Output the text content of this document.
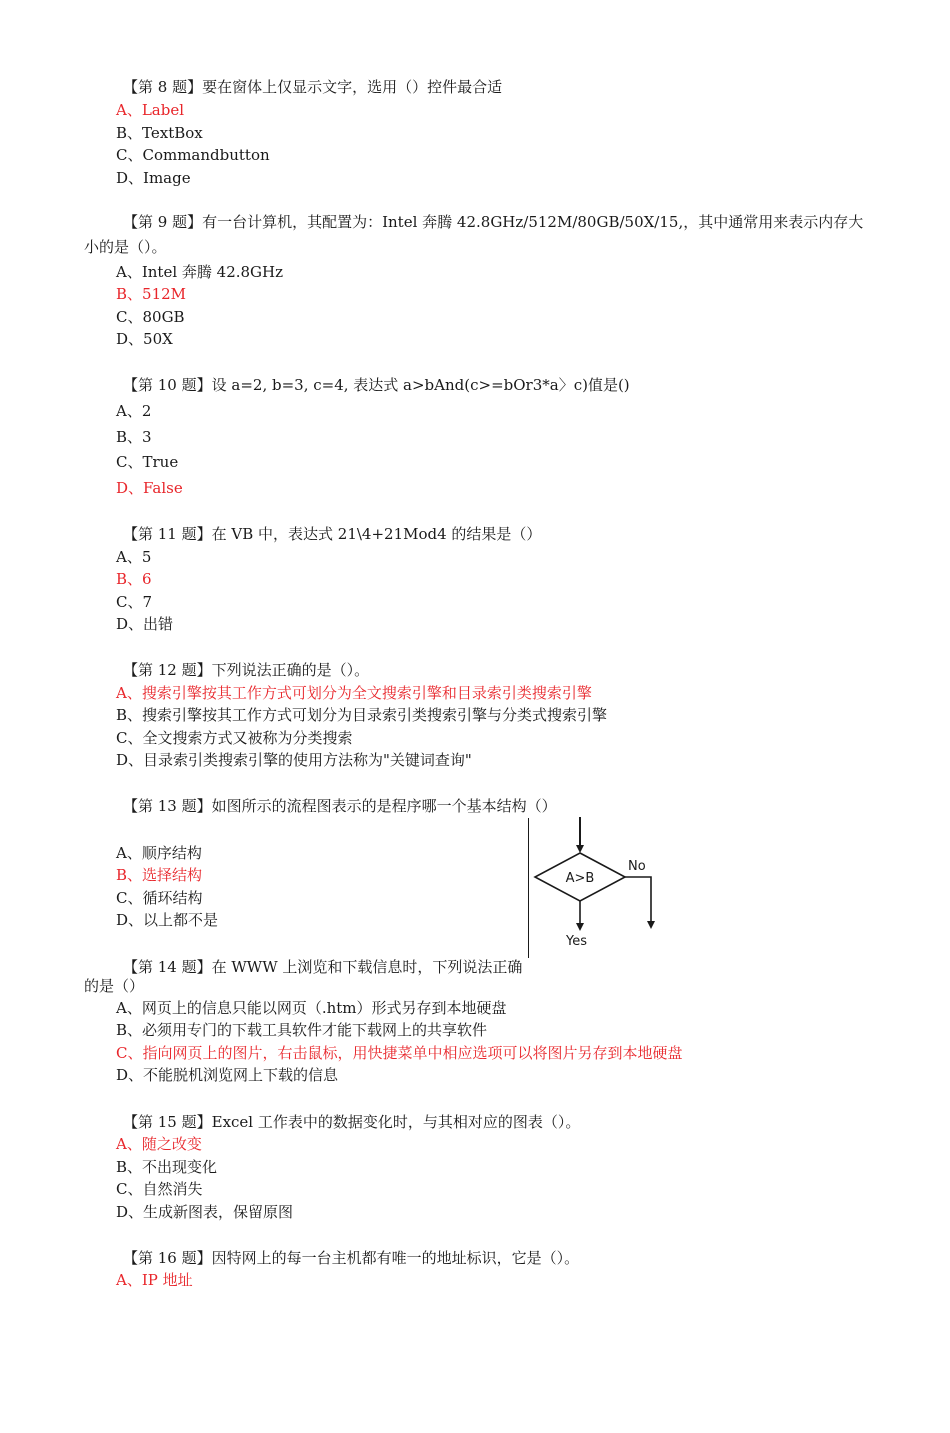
【第 8 题】要在窗体上仅显示文字，选用（）控件最合适
A、Label
B、TextBox
C、Commandbutton
D、Image
【第 9 题】有一台计算机，其配置为：Intel 奔腾 42.8GHz/512M/80GB/50X/15‚，其中通常用来表示内存大
小的是（）。
A、Intel 奔腾 42.8GHz
B、512M
C、80GB
D、50X
【第 10 题】设 a=2, b=3, c=4, 表达式 a>bAnd(c>=bOr3*a〉c)值是()
A、2
B、3
C、True
D、False
【第 11 题】在 VB 中，表达式 21\4+21Mod4 的结果是（）
A、5
B、6
C、7
D、出错
【第 12 题】下列说法正确的是（）。
A、搜索引擎按其工作方式可划分为全文搜索引擎和目录索引类搜索引擎
B、搜索引擎按其工作方式可划分为目录索引类搜索引擎与分类式搜索引擎
C、全文搜索方式又被称为分类搜索
D、目录索引类搜索引擎的使用方法称为"关键词查询"
【第 13 题】如图所示的流程图表示的是程序哪一个基本结构（）
A、顺序结构
B、选择结构
C、循环结构
D、以上都不是
A>B
No
Yes
【第 14 题】在 WWW 上浏览和下载信息时，下列说法正确
的是（）
A、网页上的信息只能以网页（.htm）形式另存到本地硬盘
B、必须用专门的下载工具软件才能下载网上的共享软件
C、指向网页上的图片，右击鼠标，用快捷菜单中相应选项可以将图片另存到本地硬盘
D、不能脱机浏览网上下载的信息
【第 15 题】Excel 工作表中的数据变化时，与其相对应的图表（）。
A、随之改变
B、不出现变化
C、自然消失
D、生成新图表，保留原图
【第 16 题】因特网上的每一台主机都有唯一的地址标识，它是（）。
A、IP 地址
